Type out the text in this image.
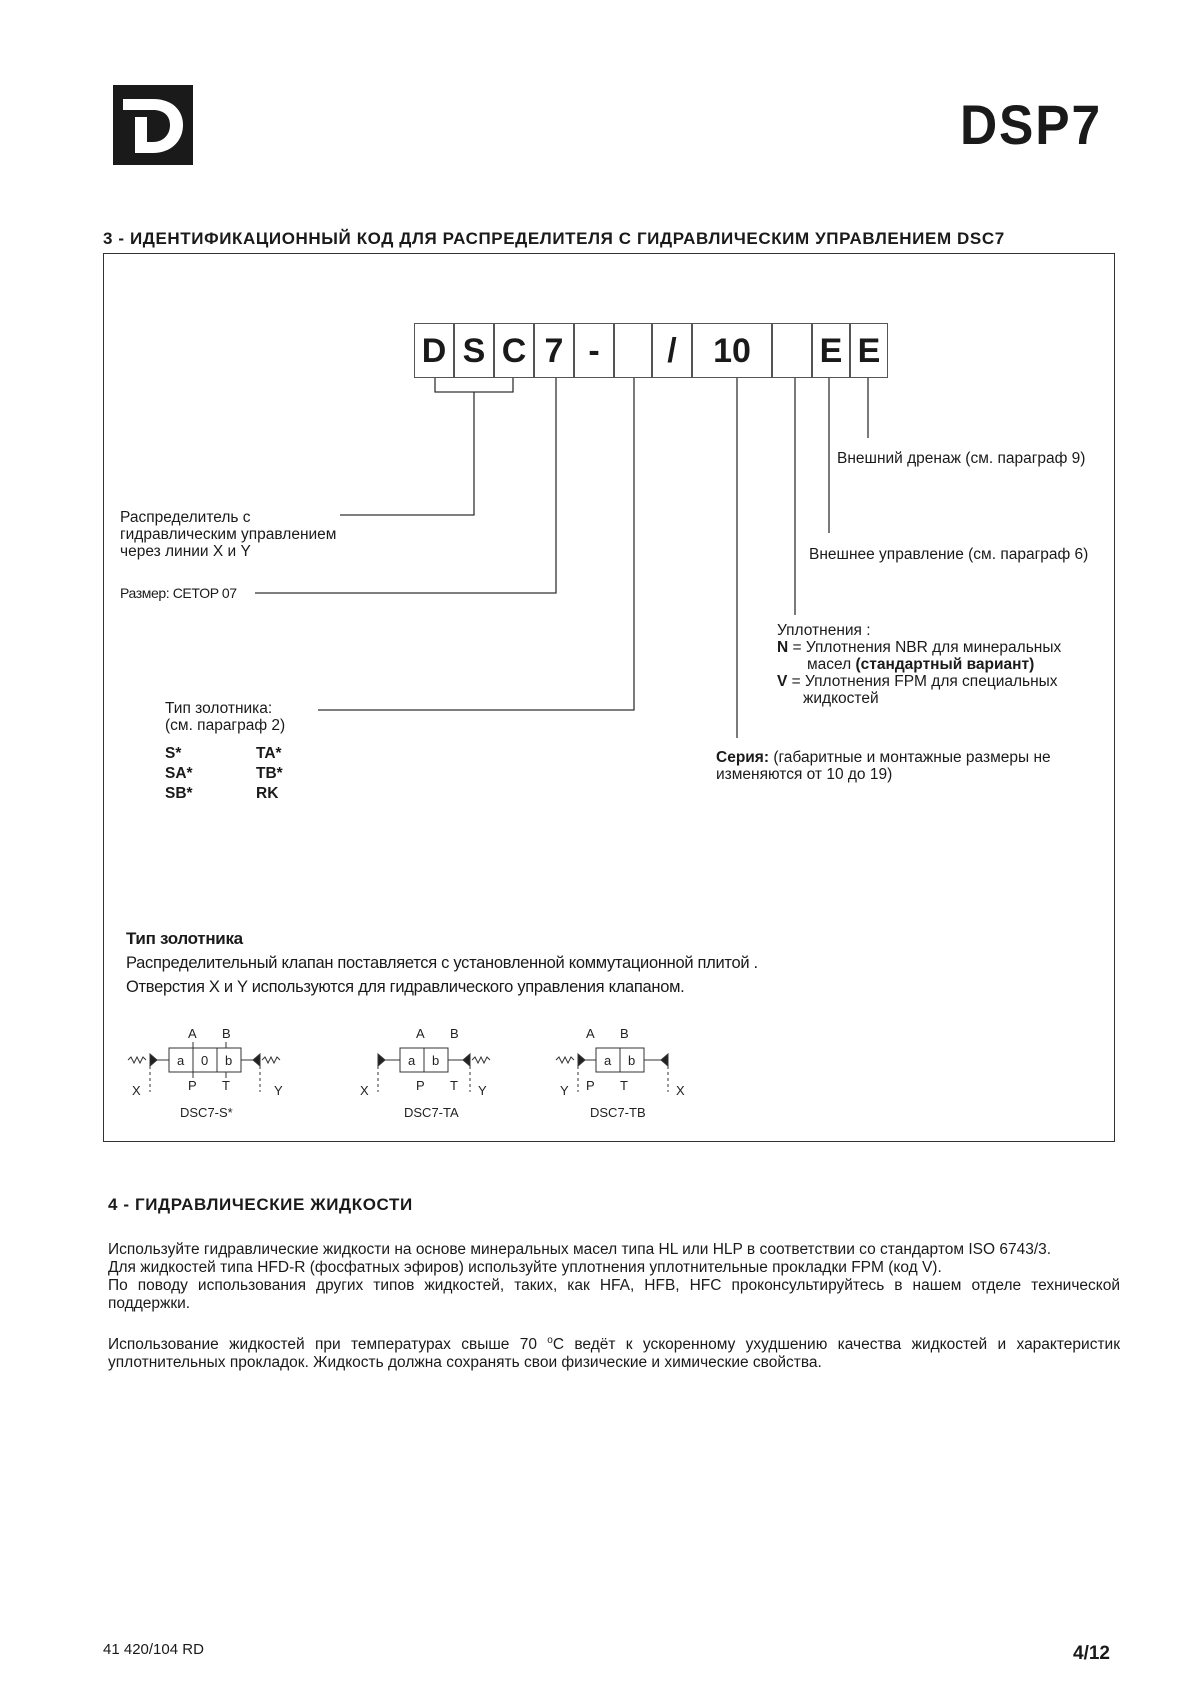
DSP7
3 - ИДЕНТИФИКАЦИОННЫЙ КОД ДЛЯ РАСПРЕДЕЛИТЕЛЯ С ГИДРАВЛИЧЕСКИМ УПРАВЛЕНИЕМ DSC7
D S C 7 -	/	10	E E
Распределитель с
гидравлическим управлением
через линии X и Y
Размер: CETOP 07
Тип золотника:
(см. параграф 2)
S*
SA*
SB*
TA*
TB*
RK
Внешний дренаж (см. параграф 9)
Внешнее управление (см. параграф 6)
Уплотнения :
N = Уплотнения NBR для минеральных
масел (стандартный вариант)
V = Уплотнения FPM для специальных
жидкостей
Серия: (габаритные и монтажные размеры не
изменяются от 10 до 19)
Тип золотника
Распределительный клапан поставляется с установленной коммутационной плитой .
Отверстия X и Y используются для гидравлического управления клапаном.
A B
a 0 b
X	Y
P T
DSC7-S*
A B
a b
X	Y
P T
DSC7-TA
A B
a b
Y	X
P T
DSC7-TB
4 - ГИДРАВЛИЧЕСКИЕ ЖИДКОСТИ
Используйте гидравлические жидкости на основе минеральных масел типа HL или HLP в соответствии со стандартом ISO 6743/3.
Для жидкостей типа HFD-R (фосфатных эфиров) используйте уплотнения уплотнительные прокладки FPM (код V).
По поводу использования других типов жидкостей, таких, как HFA, HFB, HFC проконсультируйтесь в нашем отделе технической поддержки.
Использование жидкостей при температурах свыше 70 $^o$C ведёт к ускоренному ухудшению качества жидкостей и характеристик уплотнительных прокладок. Жидкость должна сохранять свои физические и химические свойства.
41 420/104 RD	4/12
